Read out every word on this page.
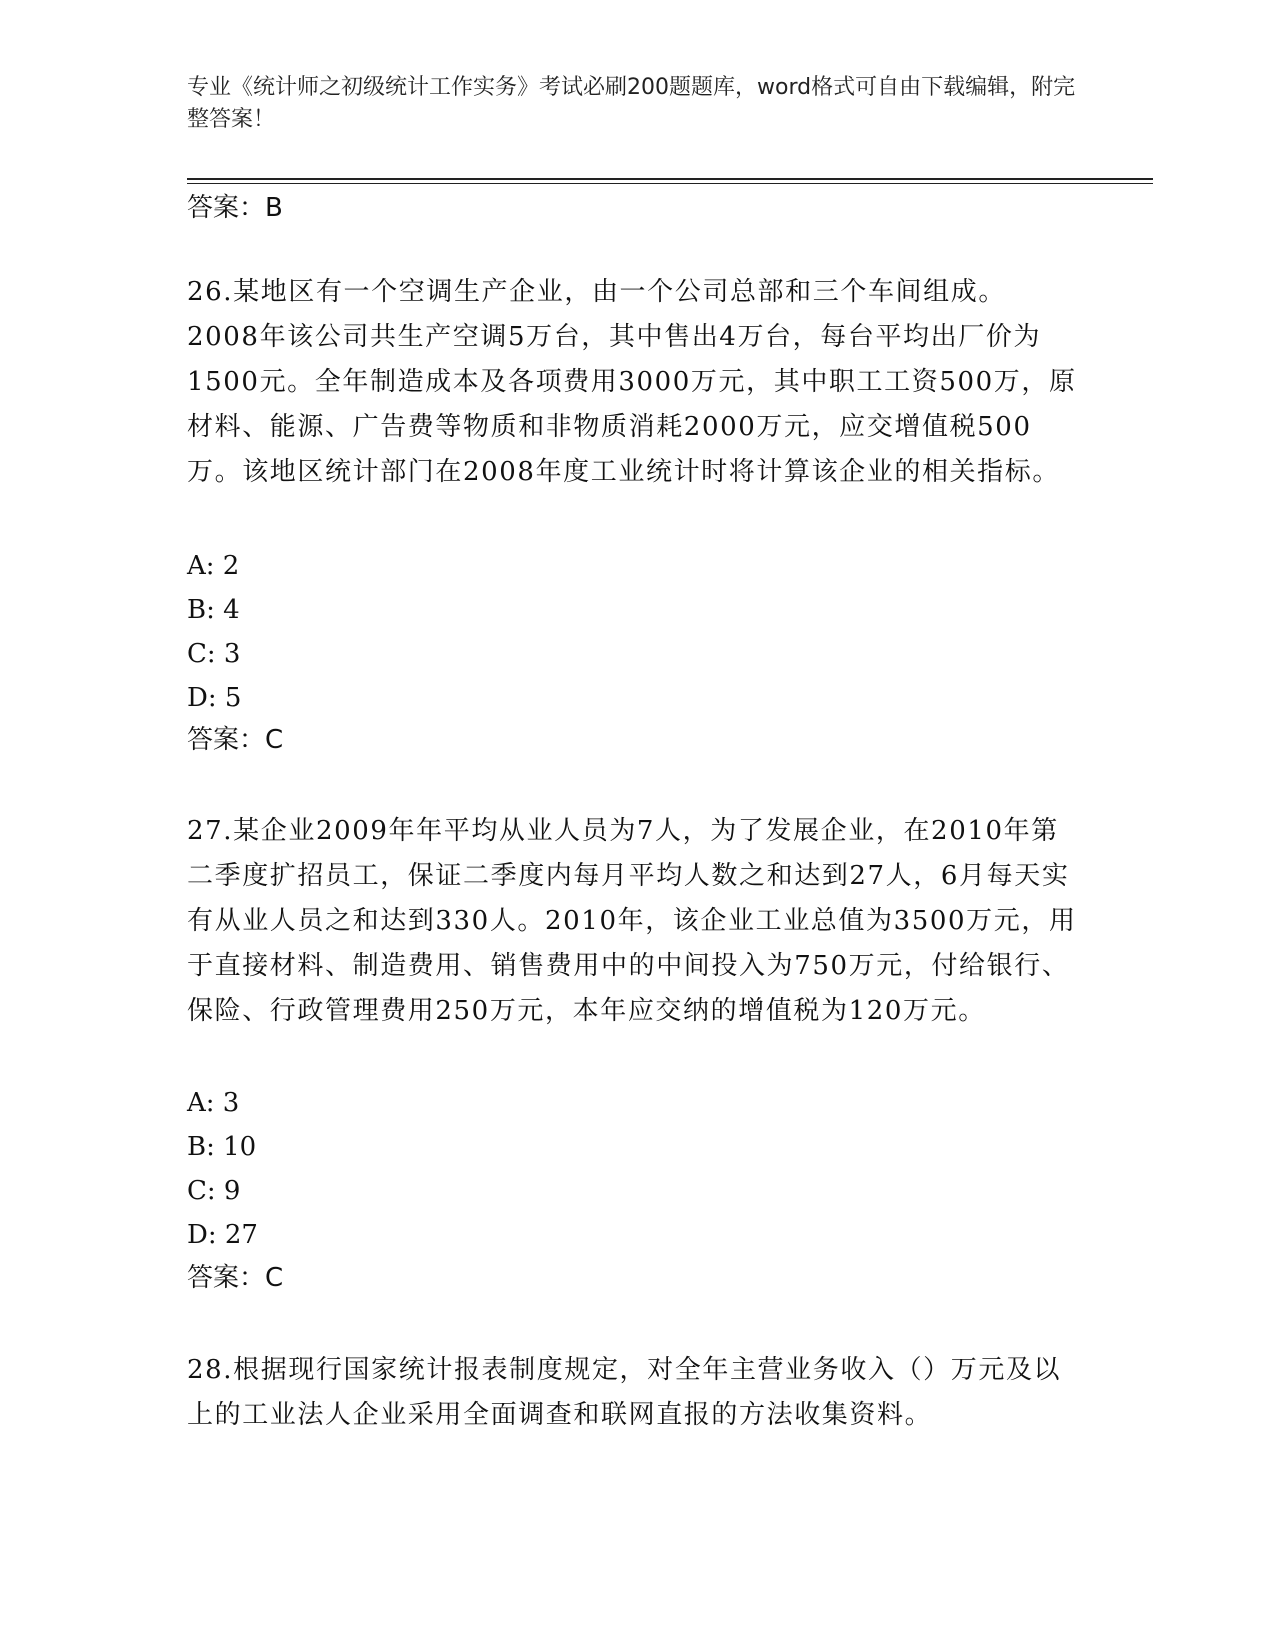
专业《统计师之初级统计工作实务》考试必刷200题题库，word格式可自由下载编辑，附完整答案！
答案：B
26.某地区有一个空调生产企业，由一个公司总部和三个车间组成。2008年该公司共生产空调5万台，其中售出4万台，每台平均出厂价为1500元。全年制造成本及各项费用3000万元，其中职工工资500万，原材料、能源、广告费等物质和非物质消耗2000万元，应交增值税500万。该地区统计部门在2008年度工业统计时将计算该企业的相关指标。
A: 2
B: 4
C: 3
D: 5
答案：C
27.某企业2009年年平均从业人员为7人，为了发展企业，在2010年第二季度扩招员工，保证二季度内每月平均人数之和达到27人，6月每天实有从业人员之和达到330人。2010年，该企业工业总值为3500万元，用于直接材料、制造费用、销售费用中的中间投入为750万元，付给银行、保险、行政管理费用250万元，本年应交纳的增值税为120万元。
A: 3
B: 10
C: 9
D: 27
答案：C
28.根据现行国家统计报表制度规定，对全年主营业务收入（）万元及以上的工业法人企业采用全面调查和联网直报的方法收集资料。
